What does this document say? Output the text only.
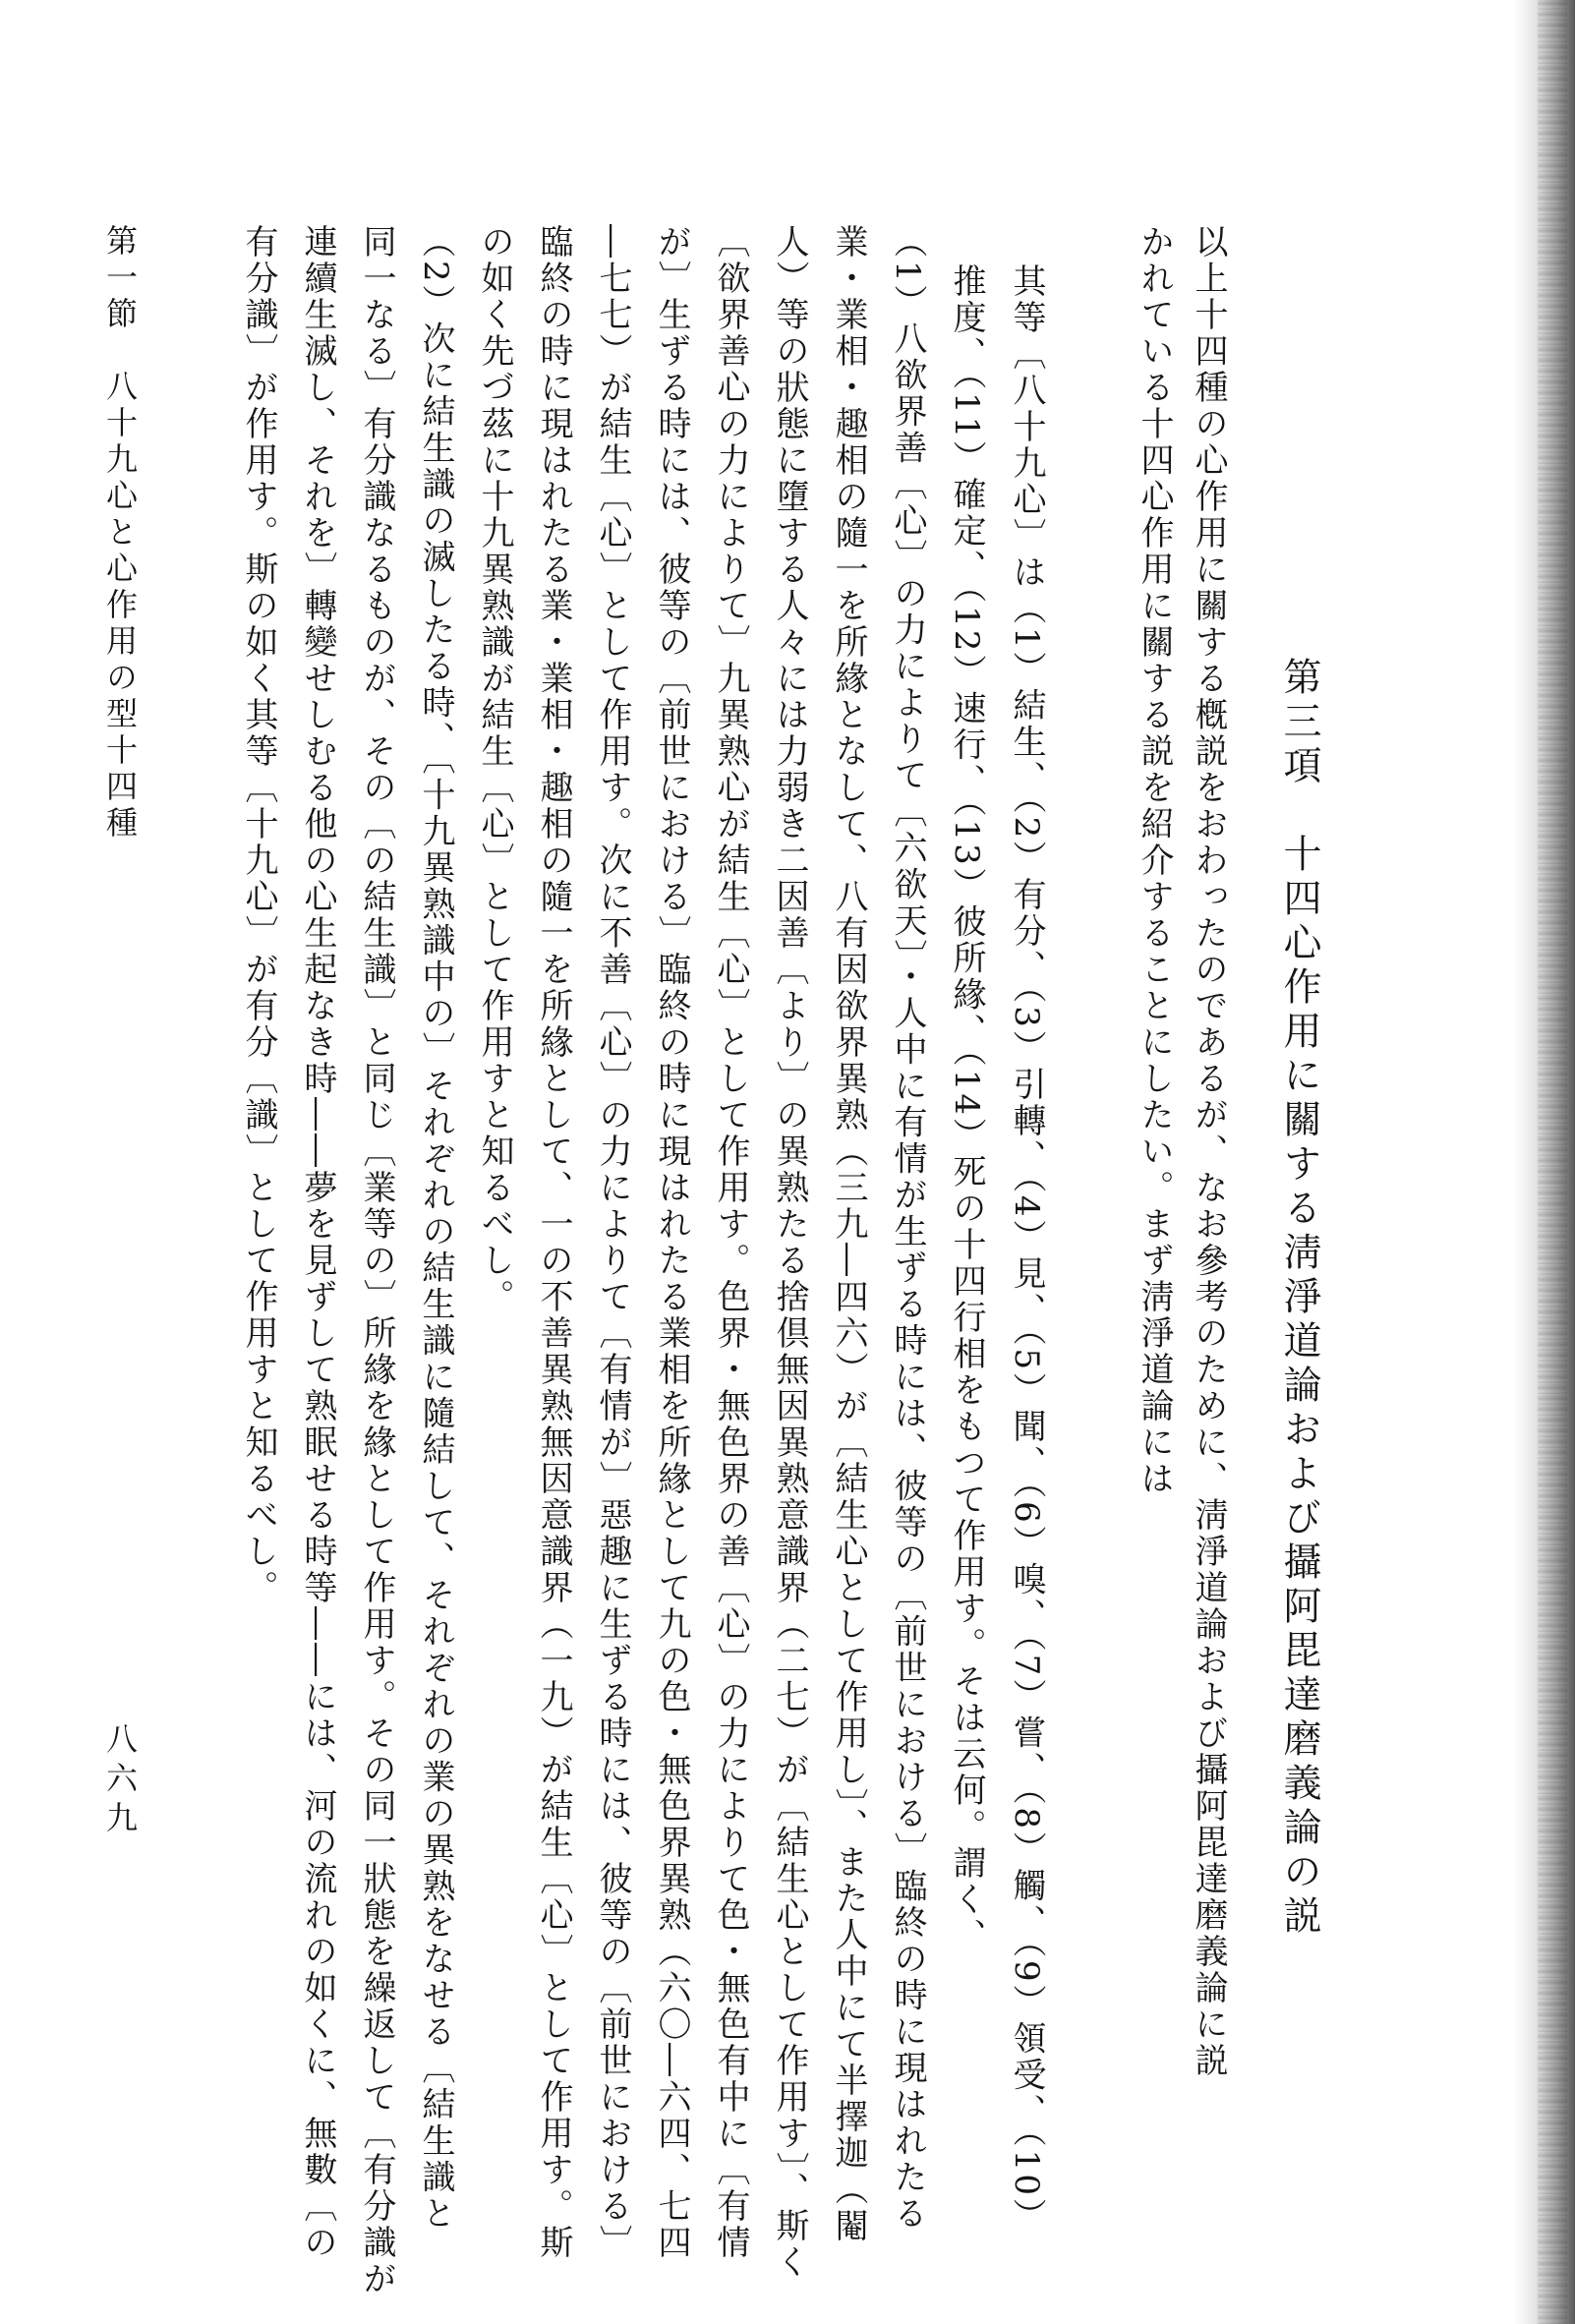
第三項　十四心作用に關する淸淨道論および攝阿毘達磨義論の説
以上十四種の心作用に關する槪説をおわったのであるが、なお參考のために、淸淨道論および攝阿毘達磨義論に説
かれている十四心作用に關する説を紹介することにしたい。まず淸淨道論には
其等〔八十九心〕は（1）結生、（2）有分、（3）引轉、（4）見、（5）聞、（6）嗅、（7）嘗、（8）觸、（9）領受、（10）
推度、（11）確定、（12）速行、（13）彼所緣、（14）死の十四行相をもつて作用す。そは云何。謂く、
（1）八欲界善〔心〕の力によりて〔六欲天〕・人中に有情が生ずる時には、彼等の〔前世における〕臨終の時に現はれたる
業・業相・趣相の隨一を所緣となして、八有因欲界異熟（三九―四六）が〔結生心として作用し〕、また人中にて半擇迦（閹
人）等の狀態に墮する人々には力弱き二因善〔より〕の異熟たる捨倶無因異熟意識界（二七）が〔結生心として作用す〕、斯く
〔欲界善心の力によりて〕九異熟心が結生〔心〕として作用す。色界・無色界の善〔心〕の力によりて色・無色有中に〔有情
が〕生ずる時には、彼等の〔前世における〕臨終の時に現はれたる業相を所緣として九の色・無色界異熟（六〇―六四、七四
―七七）が結生〔心〕として作用す。次に不善〔心〕の力によりて〔有情が〕惡趣に生ずる時には、彼等の〔前世における〕
臨終の時に現はれたる業・業相・趣相の隨一を所緣として、一の不善異熟無因意識界（一九）が結生〔心〕として作用す。斯
の如く先づ茲に十九異熟識が結生〔心〕として作用すと知るべし。
（2）次に結生識の滅したる時、〔十九異熟識中の〕それぞれの結生識に隨結して、それぞれの業の異熟をなせる〔結生識と
同一なる〕有分識なるものが、その〔の結生識〕と同じ〔業等の〕所緣を緣として作用す。その同一狀態を繰返して〔有分識が
連續生滅し、それを〕轉變せしむる他の心生起なき時――夢を見ずして熟眠せる時等――には、河の流れの如くに、無數〔の
有分識〕が作用す。斯の如く其等〔十九心〕が有分〔識〕として作用すと知るべし。
第一節　八十九心と心作用の型十四種
八六九
